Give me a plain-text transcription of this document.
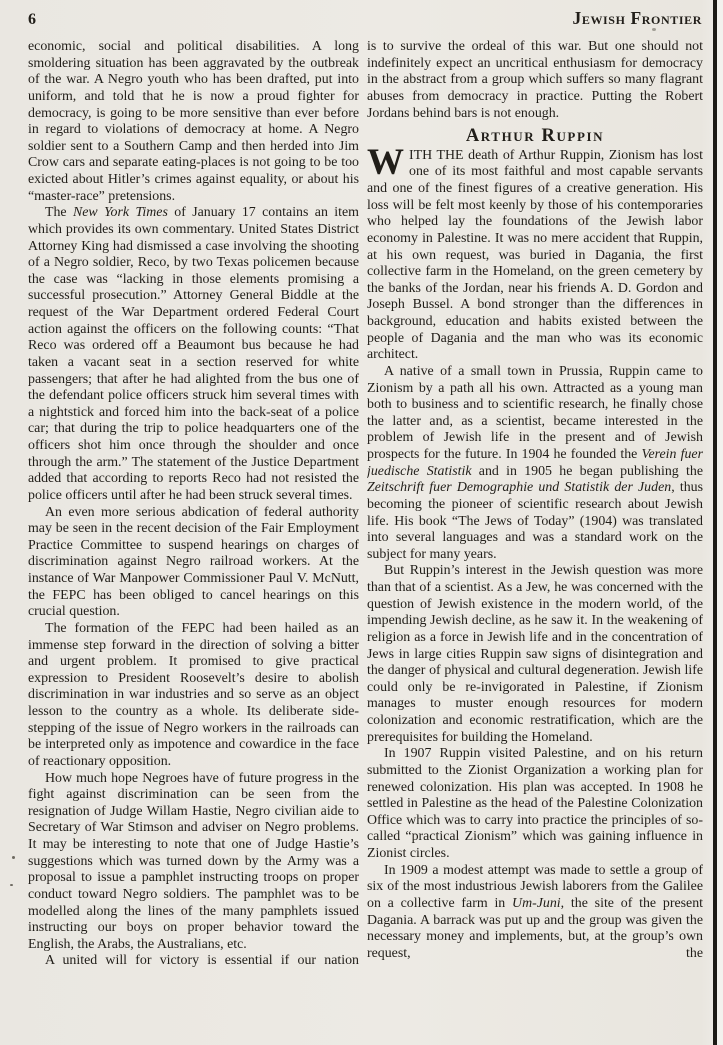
6	Jewish Frontier

economic, social and political disabilities. A long smoldering situation has been aggravated by the outbreak of the war. A Negro youth who has been drafted, put into uniform, and told that he is now a proud fighter for democracy, is going to be more sensitive than ever before in regard to violations of democracy at home. A Negro soldier sent to a Southern Camp and then herded into Jim Crow cars and separate eating-places is not going to be too exicted about Hitler’s crimes against equality, or about his “master-race” pretensions.

The New York Times of January 17 contains an item which provides its own commentary. United States District Attorney King had dismissed a case involving the shooting of a Negro soldier, Reco, by two Texas policemen because the case was “lacking in those elements promising a successful prosecution.” Attorney General Biddle at the request of the War Department ordered Federal Court action against the officers on the following counts: “That Reco was ordered off a Beaumont bus because he had taken a vacant seat in a section reserved for white passengers; that after he had alighted from the bus one of the defendant police officers struck him several times with a nightstick and forced him into the back-seat of a police car; that during the trip to police headquarters one of the officers shot him once through the shoulder and once through the arm.” The statement of the Justice Department added that according to reports Reco had not resisted the police officers until after he had been struck several times.

An even more serious abdication of federal authority may be seen in the recent decision of the Fair Employment Practice Committee to suspend hearings on charges of discrimination against Negro railroad workers. At the instance of War Manpower Commissioner Paul V. McNutt, the FEPC has been obliged to cancel hearings on this crucial question.

The formation of the FEPC had been hailed as an immense step forward in the direction of solving a bitter and urgent problem. It promised to give practical expression to President Roosevelt’s desire to abolish discrimination in war industries and so serve as an object lesson to the country as a whole. Its deliberate side-stepping of the issue of Negro workers in the railroads can be interpreted only as impotence and cowardice in the face of reactionary opposition.

How much hope Negroes have of future progress in the fight against discrimination can be seen from the resignation of Judge Willam Hastie, Negro civilian aide to Secretary of War Stimson and adviser on Negro problems. It may be interesting to note that one of Judge Hastie’s suggestions which was turned down by the Army was a proposal to issue a pamphlet instructing troops on proper conduct toward Negro soldiers. The pamphlet was to be modelled along the lines of the many pamphlets issued instructing our boys on proper behavior toward the English, the Arabs, the Australians, etc.

A united will for victory is essential if our nation

is to survive the ordeal of this war. But one should not indefinitely expect an uncritical enthusiasm for democracy in the abstract from a group which suffers so many flagrant abuses from democracy in practice. Putting the Robert Jordans behind bars is not enough.

Arthur Ruppin

WITH THE death of Arthur Ruppin, Zionism has lost one of its most faithful and most capable servants and one of the finest figures of a creative generation. His loss will be felt most keenly by those of his contemporaries who helped lay the foundations of the Jewish labor economy in Palestine. It was no mere accident that Ruppin, at his own request, was buried in Dagania, the first collective farm in the Homeland, on the green cemetery by the banks of the Jordan, near his friends A. D. Gordon and Joseph Bussel. A bond stronger than the differences in background, education and habits existed between the people of Dagania and the man who was its economic architect.

A native of a small town in Prussia, Ruppin came to Zionism by a path all his own. Attracted as a young man both to business and to scientific research, he finally chose the latter and, as a scientist, became interested in the problem of Jewish life in the present and of Jewish prospects for the future. In 1904 he founded the Verein fuer juedische Statistik and in 1905 he began publishing the Zeitschrift fuer Demographie und Statistik der Juden, thus becoming the pioneer of scientific research about Jewish life. His book “The Jews of Today” (1904) was translated into several languages and was a standard work on the subject for many years.

But Ruppin’s interest in the Jewish question was more than that of a scientist. As a Jew, he was concerned with the question of Jewish existence in the modern world, of the impending Jewish decline, as he saw it. In the weakening of religion as a force in Jewish life and in the concentration of Jews in large cities Ruppin saw signs of disintegration and the danger of physical and cultural degeneration. Jewish life could only be re-invigorated in Palestine, if Zionism manages to muster enough resources for modern colonization and economic restratification, which are the prerequisites for building the Homeland.

In 1907 Ruppin visited Palestine, and on his return submitted to the Zionist Organization a working plan for renewed colonization. His plan was accepted. In 1908 he settled in Palestine as the head of the Palestine Colonization Office which was to carry into practice the principles of so-called “practical Zionism” which was gaining influence in Zionist circles.

In 1909 a modest attempt was made to settle a group of six of the most industrious Jewish laborers from the Galilee on a collective farm in Um-Juni, the site of the present Dagania. A barrack was put up and the group was given the necessary money and implements, but, at the group’s own request, the
